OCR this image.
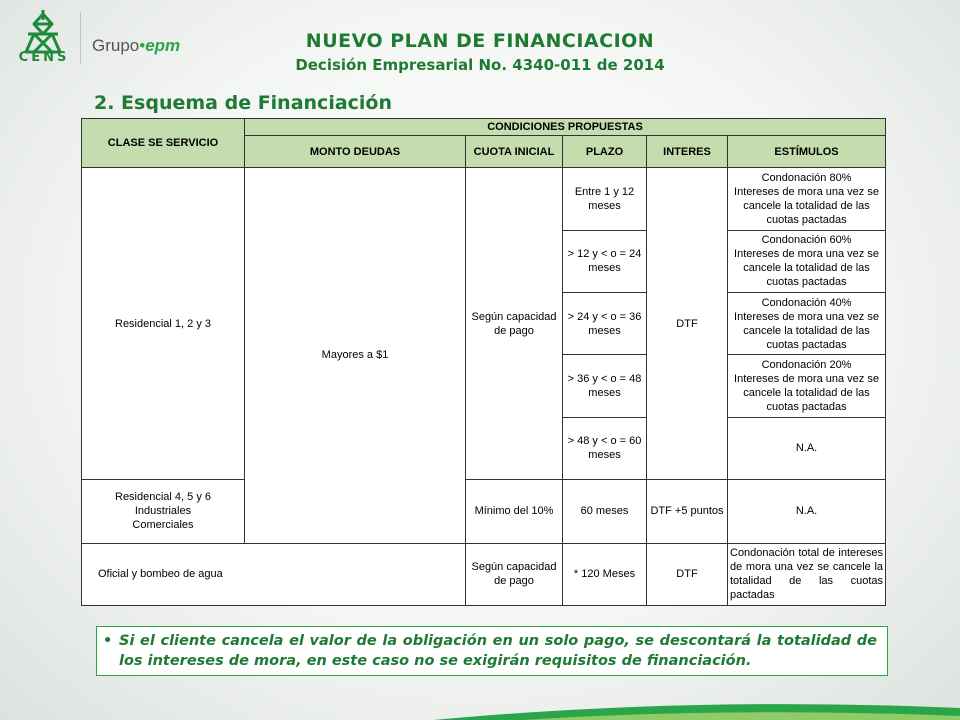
CENS
Grupo•epm	NUEVO PLAN DE FINANCIACION
Decisión Empresarial No. 4340-011 de 2014
2. Esquema de Financiación
CLASE SE SERVICIO	CONDICIONES PROPUESTAS				
	MONTO DEUDAS	CUOTA INICIAL	PLAZO	INTERES	ESTÍMULOS
Residencial 1, 2 y 3	Mayores a $1	Según capacidad de pago	Entre 1 y 12 meses	DTF	Condonación 80%
Intereses de mora una vez se cancele la totalidad de las cuotas pactadas

			> 12 y < o = 24 meses		Condonación 60%
Intereses de mora una vez se cancele la totalidad de las cuotas pactadas

			> 24 y < o = 36 meses		Condonación 40%
Intereses de mora una vez se cancele la totalidad de las cuotas pactadas

			> 36 y < o = 48 meses		Condonación 20%
Intereses de mora una vez se cancele la totalidad de las cuotas pactadas

			> 48 y < o = 60 meses		N.A.

Residencial 4, 5 y 6
Industriales
Comerciales		Mínimo del 10%	60 meses	DTF +5 puntos	N.A.
Oficial y bombeo de agua		Según capacidad de pago	* 120 Meses	DTF	Condonación total de intereses de mora una vez se cancele la totalidad de las cuotas pactadas
• Si el cliente cancela el valor de la obligación en un solo pago, se descontará la totalidad de los intereses de mora, en este caso no se exigirán requisitos de financiación.
